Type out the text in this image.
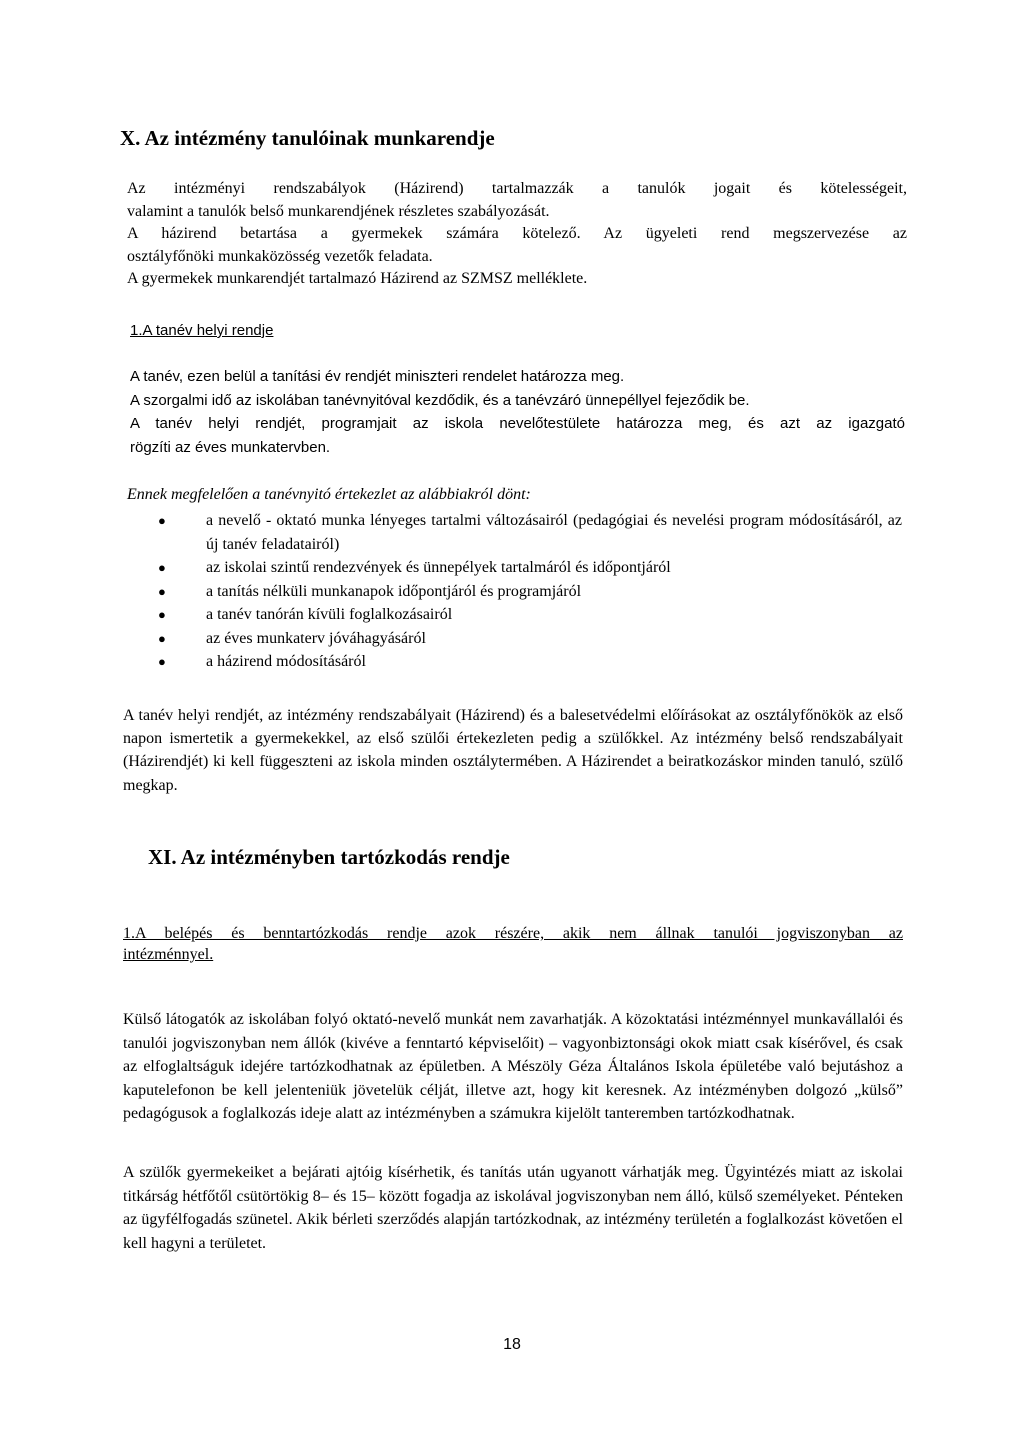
X. Az intézmény tanulóinak munkarendje
Az intézményi rendszabályok (Házirend) tartalmazzák a tanulók jogait és kötelességeit,
valamint a tanulók belső munkarendjének részletes szabályozását.
A házirend betartása a gyermekek számára kötelező. Az ügyeleti rend megszervezése az
osztályfőnöki munkaközösség vezetők feladata.
A gyermekek munkarendjét tartalmazó Házirend az SZMSZ melléklete.
1.A tanév helyi rendje
A tanév, ezen belül a tanítási év rendjét miniszteri rendelet határozza meg.
A szorgalmi idő az iskolában tanévnyitóval kezdődik, és a tanévzáró ünnepéllyel fejeződik be.
A tanév helyi rendjét, programjait az iskola nevelőtestülete határozza meg, és azt az igazgató
rögzíti az éves munkatervben.
Ennek megfelelően a tanévnyitó értekezlet az alábbiakról dönt:
●	a nevelő - oktató munka lényeges tartalmi változásairól (pedagógiai és nevelési program módosításáról, az új tanév feladatairól)
●	az iskolai szintű rendezvények és ünnepélyek tartalmáról és időpontjáról
●	a tanítás nélküli munkanapok időpontjáról és programjáról
●	a tanév tanórán kívüli foglalkozásairól
●	az éves munkaterv jóváhagyásáról
●	a házirend módosításáról
A tanév helyi rendjét, az intézmény rendszabályait (Házirend) és a balesetvédelmi előírásokat az osztályfőnökök az első napon ismertetik a gyermekekkel, az első szülői értekezleten pedig a szülőkkel. Az intézmény belső rendszabályait (Házirendjét) ki kell függeszteni az iskola minden osztálytermében. A Házirendet a beiratkozáskor minden tanuló, szülő megkap.
XI. Az intézményben tartózkodás rendje
1.A belépés és benntartózkodás rendje azok részére, akik nem állnak tanulói jogviszonyban az
intézménnyel.
Külső látogatók az iskolában folyó oktató-nevelő munkát nem zavarhatják. A közoktatási intézménnyel munkavállalói és tanulói jogviszonyban nem állók (kivéve a fenntartó képviselőit) – vagyonbiztonsági okok miatt csak kísérővel, és csak az elfoglaltságuk idejére tartózkodhatnak az épületben. A Mészöly Géza Általános Iskola épületébe való bejutáshoz a kaputelefonon be kell jelenteniük jövetelük célját, illetve azt, hogy kit keresnek. Az intézményben dolgozó „külső” pedagógusok a foglalkozás ideje alatt az intézményben a számukra kijelölt tanteremben tartózkodhatnak.
A szülők gyermekeiket a bejárati ajtóig kísérhetik, és tanítás után ugyanott várhatják meg. Ügyintézés miatt az iskolai titkárság hétfőtől csütörtökig 8– és 15– között fogadja az iskolával jogviszonyban nem álló, külső személyeket. Pénteken az ügyfélfogadás szünetel. Akik bérleti szerződés alapján tartózkodnak, az intézmény területén a foglalkozást követően el kell hagyni a területet.
18
